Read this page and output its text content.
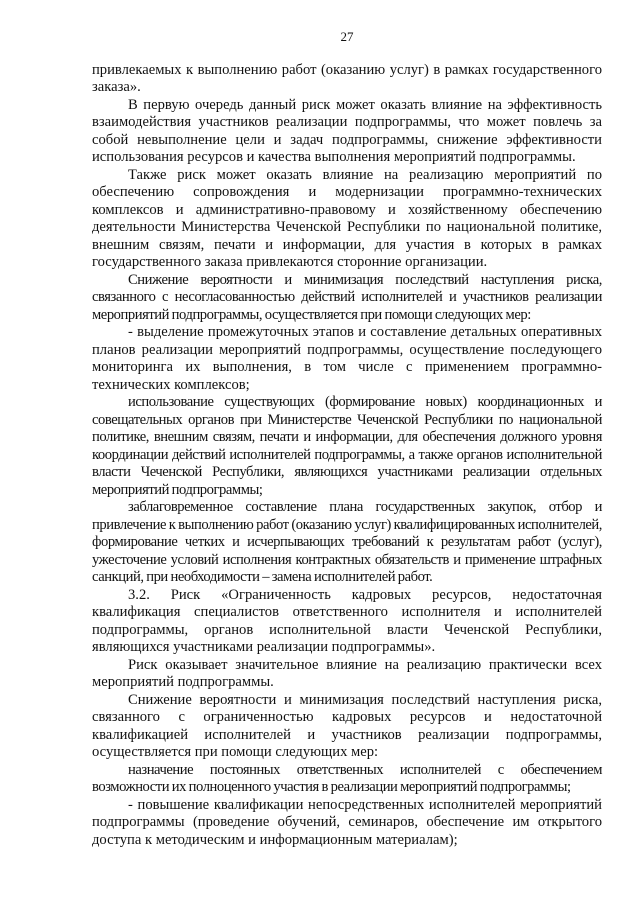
27

привлекаемых к выполнению работ (оказанию услуг) в рамках государственного заказа».

В первую очередь данный риск может оказать влияние на эффективность взаимодействия участников реализации подпрограммы, что может повлечь за собой невыполнение цели и задач подпрограммы, снижение эффективности использования ресурсов и качества выполнения мероприятий подпрограммы.

Также риск может оказать влияние на реализацию мероприятий по обеспечению сопровождения и модернизации программно-технических комплексов и административно-правовому и хозяйственному обеспечению деятельности Министерства Чеченской Республики по национальной политике, внешним связям, печати и информации, для участия в которых в рамках государственного заказа привлекаются сторонние организации.

Снижение вероятности и минимизация последствий наступления риска, связанного с несогласованностью действий исполнителей и участников реализации мероприятий подпрограммы, осуществляется при помощи следующих мер:

- выделение промежуточных этапов и составление детальных оперативных планов реализации мероприятий подпрограммы, осуществление последующего мониторинга их выполнения, в том числе с применением программно-технических комплексов;

использование существующих (формирование новых) координационных и совещательных органов при Министерстве Чеченской Республики по национальной политике, внешним связям, печати и информации, для обеспечения должного уровня координации действий исполнителей подпрограммы, а также органов исполнительной власти Чеченской Республики, являющихся участниками реализации отдельных мероприятий подпрограммы;

заблаговременное составление плана государственных закупок, отбор и привлечение к выполнению работ (оказанию услуг) квалифицированных исполнителей, формирование четких и исчерпывающих требований к результатам работ (услуг), ужесточение условий исполнения контрактных обязательств и применение штрафных санкций, при необходимости – замена исполнителей работ.

3.2. Риск «Ограниченность кадровых ресурсов, недостаточная квалификация специалистов ответственного исполнителя и исполнителей подпрограммы, органов исполнительной власти Чеченской Республики, являющихся участниками реализации подпрограммы».

Риск оказывает значительное влияние на реализацию практически всех мероприятий подпрограммы.

Снижение вероятности и минимизация последствий наступления риска, связанного с ограниченностью кадровых ресурсов и недостаточной квалификацией исполнителей и участников реализации подпрограммы, осуществляется при помощи следующих мер:

назначение постоянных ответственных исполнителей с обеспечением возможности их полноценного участия в реализации мероприятий подпрограммы;

- повышение квалификации непосредственных исполнителей мероприятий подпрограммы (проведение обучений, семинаров, обеспечение им открытого доступа к методическим и информационным материалам);
